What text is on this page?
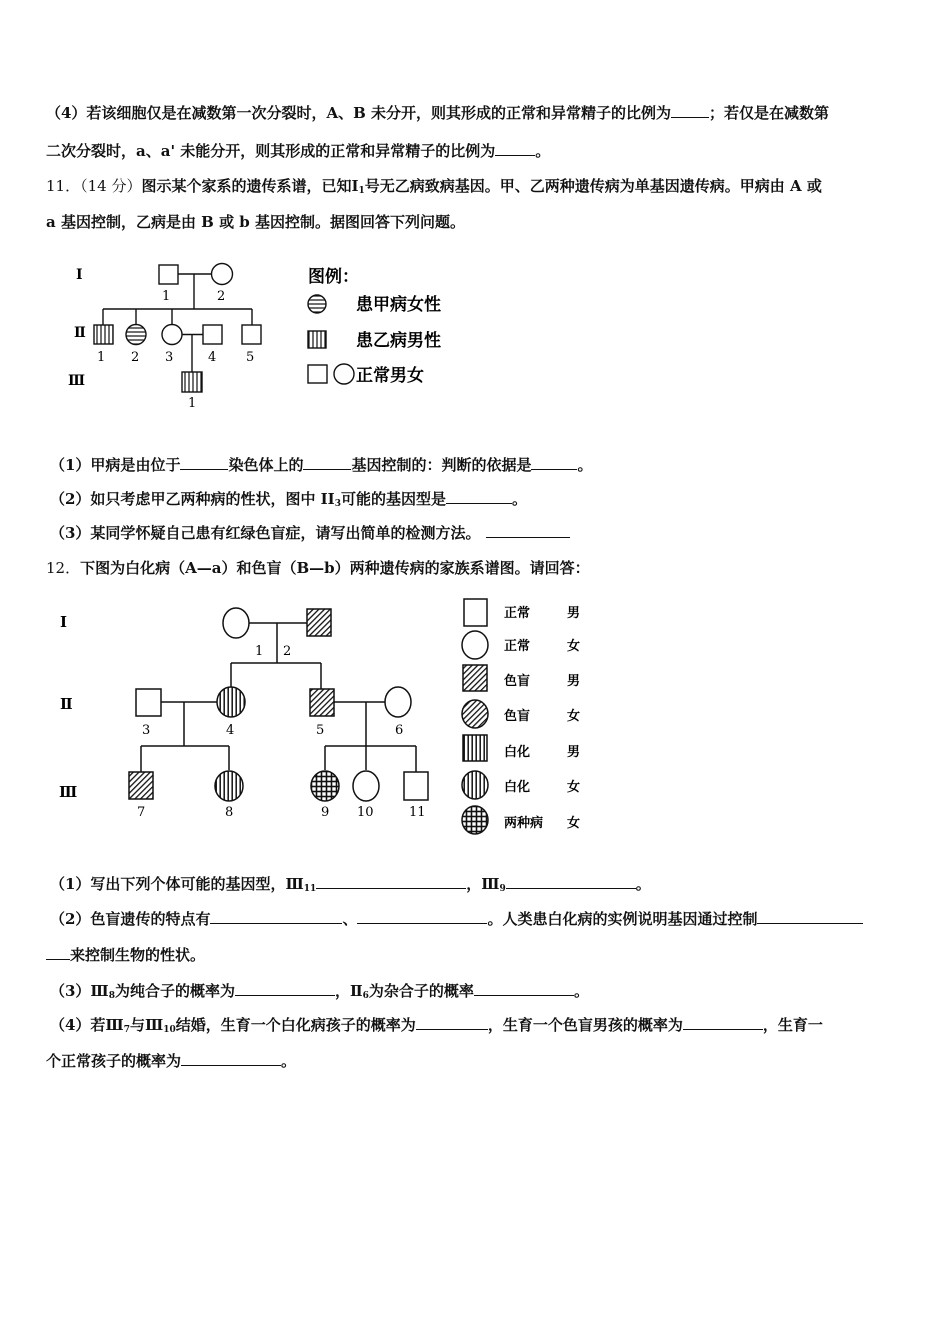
（4）若该细胞仅是在减数第一次分裂时，A、B 未分开，则其形成的正常和异常精子的比例为	；若仅是在减数第
二次分裂时，a、a' 未能分开，则其形成的正常和异常精子的比例为	。
11．（14 分）图示某个家系的遗传系谱，已知$Ⅰ_1$号无乙病致病基因。甲、乙两种遗传病为单基因遗传病。甲病由 A 或
a 基因控制，乙病是由 B 或 b 基因控制。据图回答下列问题。
Ⅰ
Ⅱ
Ⅲ
1	2
1 2 3	4 5
1
图例：
患甲病女性
患乙病男性
正常男女
（1）甲病是由位于	染色体上的	基因控制的：判断的依据是	。
（2）如只考虑甲乙两种病的性状，图中 $II_3$可能的基因型是	。
（3）某同学怀疑自己患有红绿色盲症，请写出简单的检测方法。
12．下图为白化病（A—a）和色盲（B—b）两种遗传病的家族系谱图。请回答：
Ⅰ
Ⅱ
Ⅲ
1 2
3	4	5	6
7	8	9 10	11
正常	男
正常	女
色盲	男
色盲	女
白化	男
白化	女
两种病 女
（1）写出下列个体可能的基因型，$Ⅲ_{11}$	，$Ⅲ_9$	。
（2）色盲遗传的特点有	、	。人类患白化病的实例说明基因通过控制
来控制生物的性状。
$(3)Ⅲ_8$为纯合子的概率为	，$Ⅱ_6$为杂合子的概率	。
（4）若$Ⅲ_7$与$Ⅲ_{10}$结婚，生育一个白化病孩子的概率为	，生育一个色盲男孩的概率为	，生育一
个正常孩子的概率为	。
